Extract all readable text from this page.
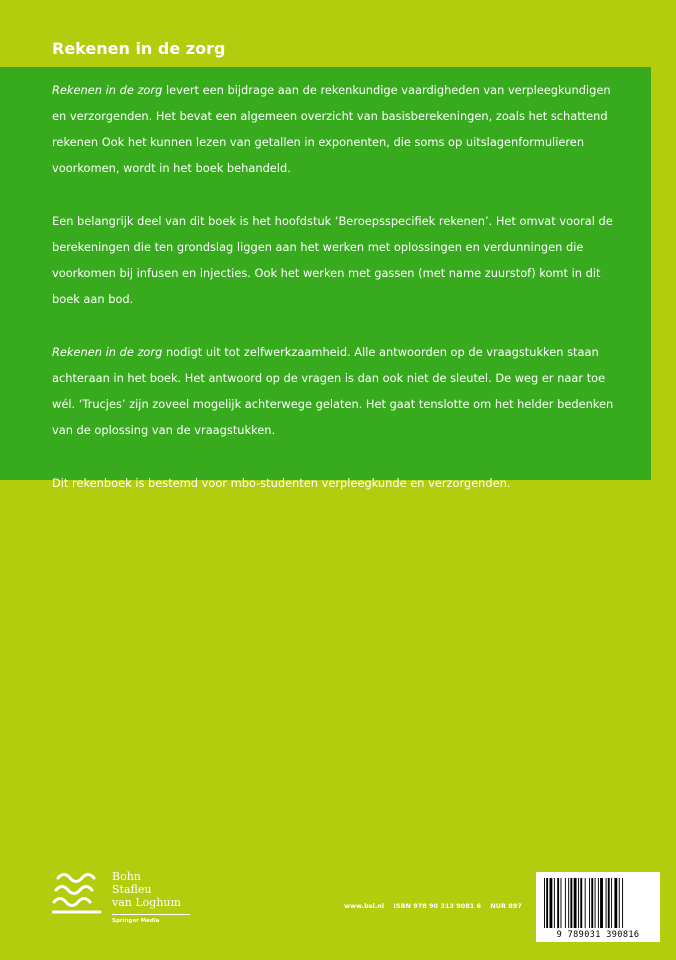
Rekenen in de zorg

Rekenen in de zorg levert een bijdrage aan de rekenkundige vaardigheden van verpleegkundigen en verzorgenden. Het bevat een algemeen overzicht van basisberekeningen, zoals het schattend rekenen Ook het kunnen lezen van getallen in exponenten, die soms op uitslagenformulieren voorkomen, wordt in het boek behandeld.

Een belangrijk deel van dit boek is het hoofdstuk ‘Beroepsspecifiek rekenen’. Het omvat vooral de berekeningen die ten grondslag liggen aan het werken met oplossingen en verdunningen die voorkomen bij infusen en injecties. Ook het werken met gassen (met name zuurstof) komt in dit boek aan bod.

Rekenen in de zorg nodigt uit tot zelfwerkzaamheid. Alle antwoorden op de vraagstukken staan achteraan in het boek. Het antwoord op de vragen is dan ook niet de sleutel. De weg er naar toe wél. ‘Trucjes’ zijn zoveel mogelijk achterwege gelaten. Het gaat tenslotte om het helder bedenken van de oplossing van de vraagstukken.

Dit rekenboek is bestemd voor mbo-studenten verpleegkunde en verzorgenden.

Bohn
Stafleu
van Loghum
Springer Media
www.bsl.nl ISBN 978 90 313 9081 6 NUR 897
9 789031 390816
